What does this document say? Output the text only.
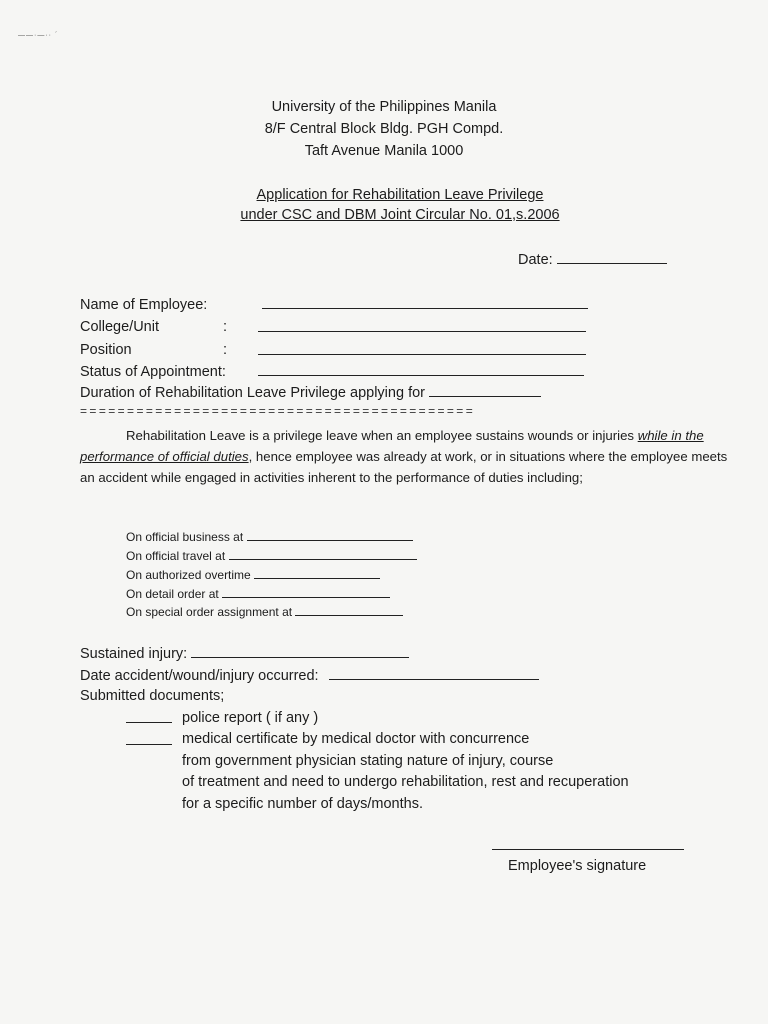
——·—·· ´
University of the Philippines Manila
8/F Central Block Bldg. PGH Compd.
Taft Avenue Manila 1000
Application for Rehabilitation Leave Privilege
under CSC and DBM Joint Circular No. 01,s.2006
Date:
Name of Employee:
College/Unit	:
Position	:
Status of Appointment:
Duration of Rehabilitation Leave Privilege applying for
==========================================
Rehabilitation Leave is a privilege leave when an employee sustains wounds or injuries while in the performance of official duties, hence employee was already at work, or in situations where the employee meets an accident while engaged in activities inherent to the performance of duties including;
On official business at
On official travel at
On authorized overtime
On detail order at
On special order assignment at
Sustained injury:
Date accident/wound/injury occurred:
Submitted documents;
police report ( if any )
medical certificate by medical doctor with concurrence
from government physician stating nature of injury, course
of treatment and need to undergo rehabilitation, rest and recuperation
for a specific number of days/months.
Employee's signature
